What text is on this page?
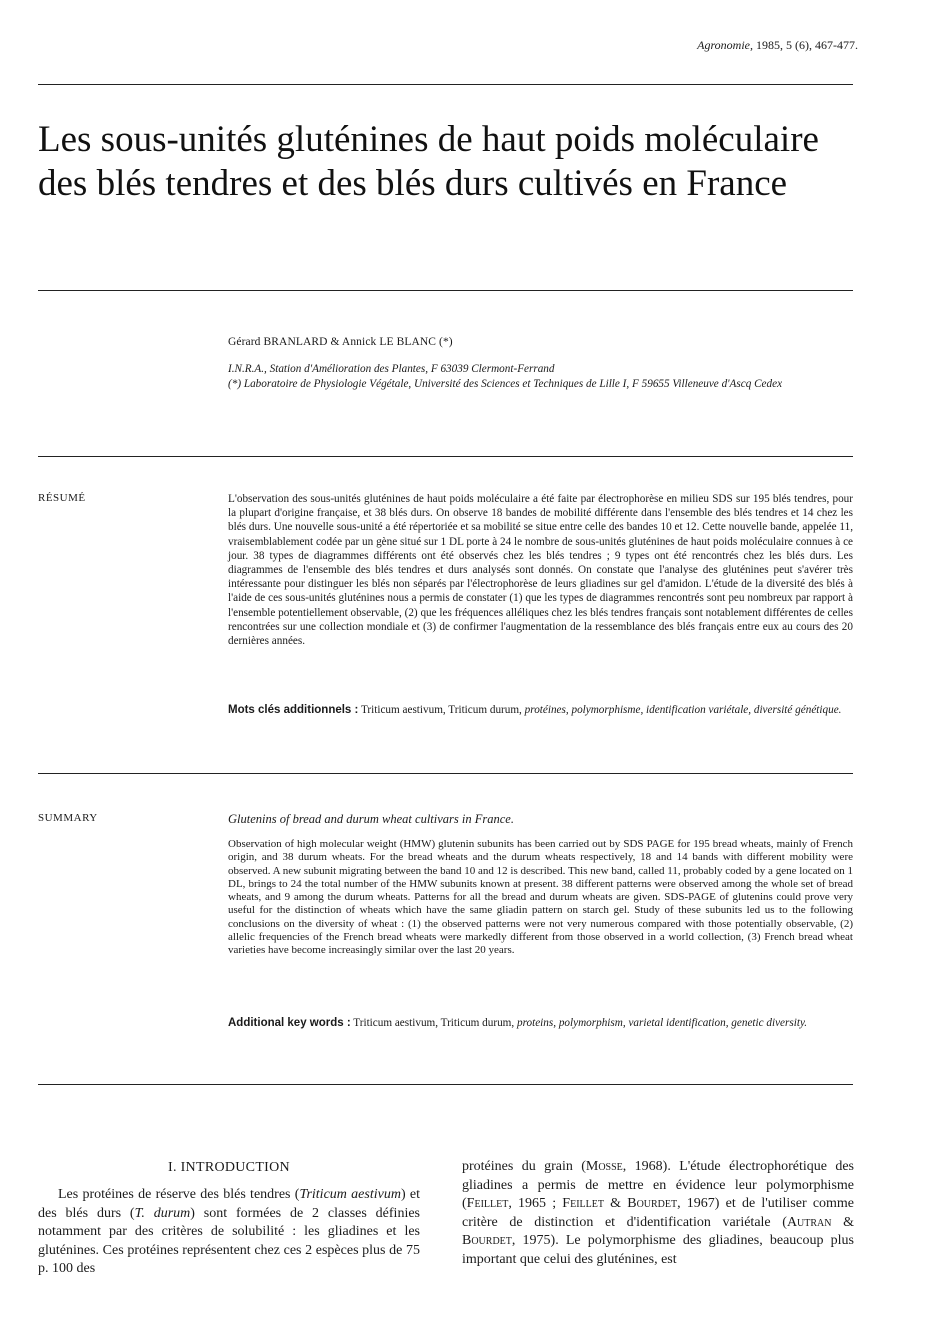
Agronomie, 1985, 5 (6), 467-477.
Les sous-unités gluténines de haut poids moléculaire des blés tendres et des blés durs cultivés en France
Gérard BRANLARD & Annick LE BLANC (*)
I.N.R.A., Station d'Amélioration des Plantes, F 63039 Clermont-Ferrand
(*) Laboratoire de Physiologie Végétale, Université des Sciences et Techniques de Lille I, F 59655 Villeneuve d'Ascq Cedex
RÉSUMÉ	L'observation des sous-unités gluténines de haut poids moléculaire a été faite par électrophorèse en milieu SDS sur 195 blés tendres, pour la plupart d'origine française, et 38 blés durs. On observe 18 bandes de mobilité différente dans l'ensemble des blés tendres et 14 chez les blés durs. Une nouvelle sous-unité a été répertoriée et sa mobilité se situe entre celle des bandes 10 et 12. Cette nouvelle bande, appelée 11, vraisemblablement codée par un gène situé sur 1 DL porte à 24 le nombre de sous-unités gluténines de haut poids moléculaire connues à ce jour. 38 types de diagrammes différents ont été observés chez les blés tendres ; 9 types ont été rencontrés chez les blés durs. Les diagrammes de l'ensemble des blés tendres et durs analysés sont donnés. On constate que l'analyse des gluténines peut s'avérer très intéressante pour distinguer les blés non séparés par l'électrophorèse de leurs gliadines sur gel d'amidon. L'étude de la diversité des blés à l'aide de ces sous-unités gluténines nous a permis de constater (1) que les types de diagrammes rencontrés sont peu nombreux par rapport à l'ensemble potentiellement observable, (2) que les fréquences alléliques chez les blés tendres français sont notablement différentes de celles rencontrées sur une collection mondiale et (3) de confirmer l'augmentation de la ressemblance des blés français entre eux au cours des 20 dernières années.
Mots clés additionnels : Triticum aestivum, Triticum durum, protéines, polymorphisme, identification variétale, diversité génétique.
SUMMARY	Glutenins of bread and durum wheat cultivars in France.
Observation of high molecular weight (HMW) glutenin subunits has been carried out by SDS PAGE for 195 bread wheats, mainly of French origin, and 38 durum wheats. For the bread wheats and the durum wheats respectively, 18 and 14 bands with different mobility were observed. A new subunit migrating between the band 10 and 12 is described. This new band, called 11, probably coded by a gene located on 1 DL, brings to 24 the total number of the HMW subunits known at present. 38 different patterns were observed among the whole set of bread wheats, and 9 among the durum wheats. Patterns for all the bread and durum wheats are given. SDS-PAGE of glutenins could prove very useful for the distinction of wheats which have the same gliadin pattern on starch gel. Study of these subunits led us to the following conclusions on the diversity of wheat : (1) the observed patterns were not very numerous compared with those potentially observable, (2) allelic frequencies of the French bread wheats were markedly different from those observed in a world collection, (3) French bread wheat varieties have become increasingly similar over the last 20 years.
Additional key words : Triticum aestivum, Triticum durum, proteins, polymorphism, varietal identification, genetic diversity.
I. INTRODUCTION
Les protéines de réserve des blés tendres (Triticum aestivum) et des blés durs (T. durum) sont formées de 2 classes définies notamment par des critères de solubilité : les gliadines et les gluténines. Ces protéines représentent chez ces 2 espèces plus de 75 p. 100 des
protéines du grain (Mosse, 1968). L'étude électrophorétique des gliadines a permis de mettre en évidence leur polymorphisme (Feillet, 1965 ; Feillet & Bourdet, 1967) et de l'utiliser comme critère de distinction et d'identification variétale (Autran & Bourdet, 1975). Le polymorphisme des gliadines, beaucoup plus important que celui des gluténines, est
